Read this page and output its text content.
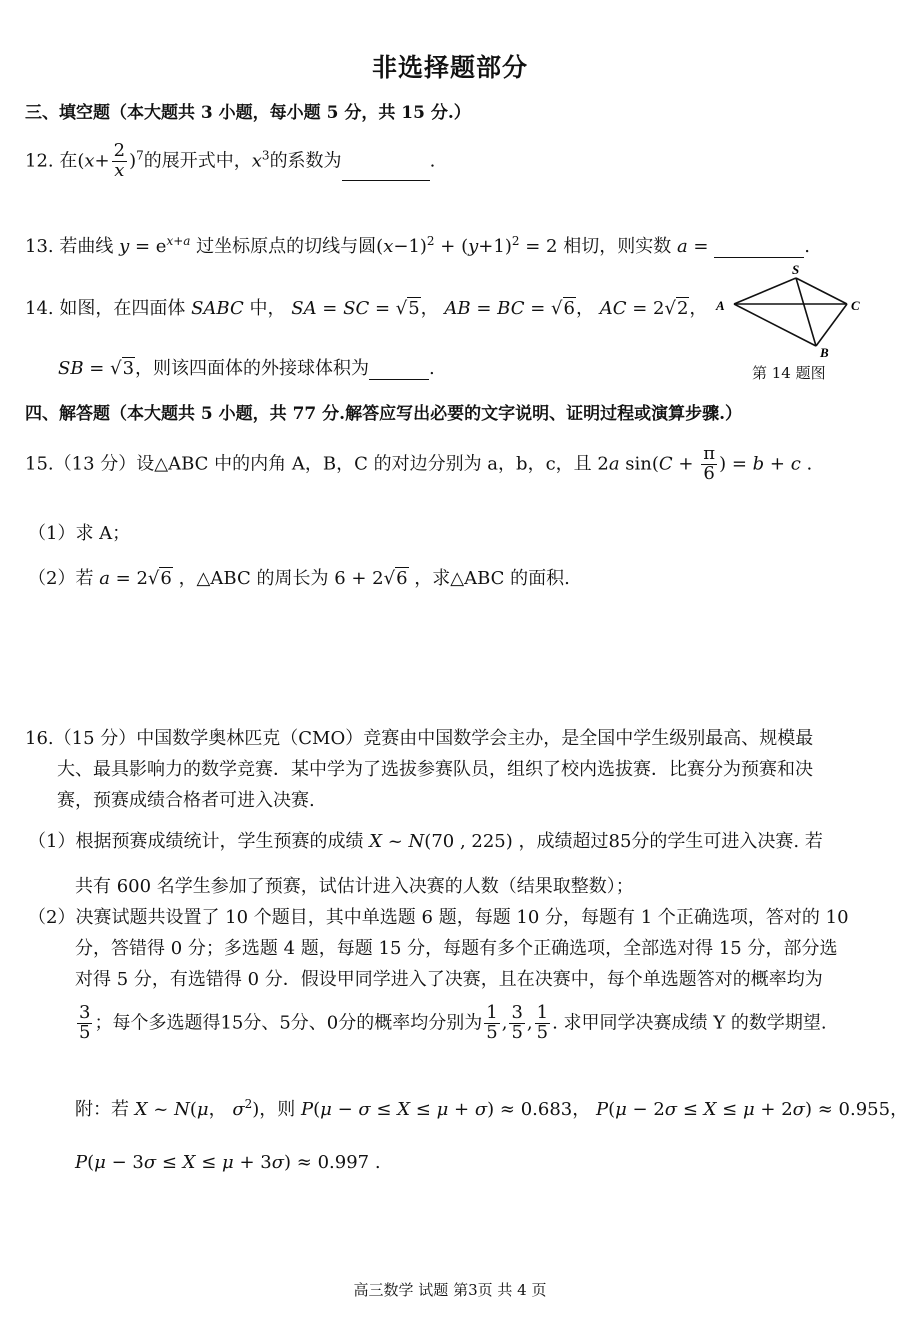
非选择题部分
三、填空题（本大题共 3 小题，每小题 5 分，共 15 分.）
12. 在$(x+ \frac{2}{x} )^7$的展开式中，$x^3$的系数为	.
13. 若曲线 $y = e^{x+a}$ 过坐标原点的切线与圆$(x-1)^2 + (y+1)^2 = 2$ 相切，则实数 a =	.
14. 如图，在四面体 SABC 中， SA = SC = √5， AB = BC = √6， AC = 2√2，
SB = √3，则该四面体的外接球体积为	.
S
A	C
B
第 14 题图
四、解答题（本大题共 5 小题，共 77 分.解答应写出必要的文字说明、证明过程或演算步骤.）
15.（13 分）设△ABC 中的内角 A，B，C 的对边分别为 a，b，c，且 2a $\sin(C + \frac{\pi}{6}$ ) = b + c .
（1）求 A；
（2）若 a = 2√6 ，△ABC 的周长为 6 + 2√6 ，求△ABC 的面积.
16.（15 分）中国数学奥林匹克（CMO）竞赛由中国数学会主办，是全国中学生级别最高、规模最
大、最具影响力的数学竞赛．某中学为了选拔参赛队员，组织了校内选拔赛．比赛分为预赛和决
赛，预赛成绩合格者可进入决赛.
（1）根据预赛成绩统计，学生预赛的成绩 X ~ N(70 , 225) ，成绩超过85分的学生可进入决赛. 若
共有 600 名学生参加了预赛，试估计进入决赛的人数（结果取整数）；
（2）决赛试题共设置了 10 个题目，其中单选题 6 题，每题 10 分，每题有 1 个正确选项，答对的 10
分，答错得 0 分；多选题 4 题，每题 15 分，每题有多个正确选项，全部选对得 15 分，部分选
对得 5 分，有选错得 0 分．假设甲同学进入了决赛，且在决赛中，每个单选题答对的概率均为
$\frac{3}{5}$ ；每个多选题得15分、5分、0分的概率均分别为 $\frac{1}{5}$ , $\frac{3}{5}$ , $\frac{1}{5}$ . 求甲同学决赛成绩 Y 的数学期望.
附：若 X ~ N(μ， $\sigma^2$)，则 P(μ − σ ≤ X ≤ μ + σ) ≈ 0.683， P(μ − 2σ ≤ X ≤ μ + 2σ) ≈ 0.955，
P(μ − 3σ ≤ X ≤ μ + 3σ) ≈ 0.997 .
高三数学 试题 第3页 共 4 页
